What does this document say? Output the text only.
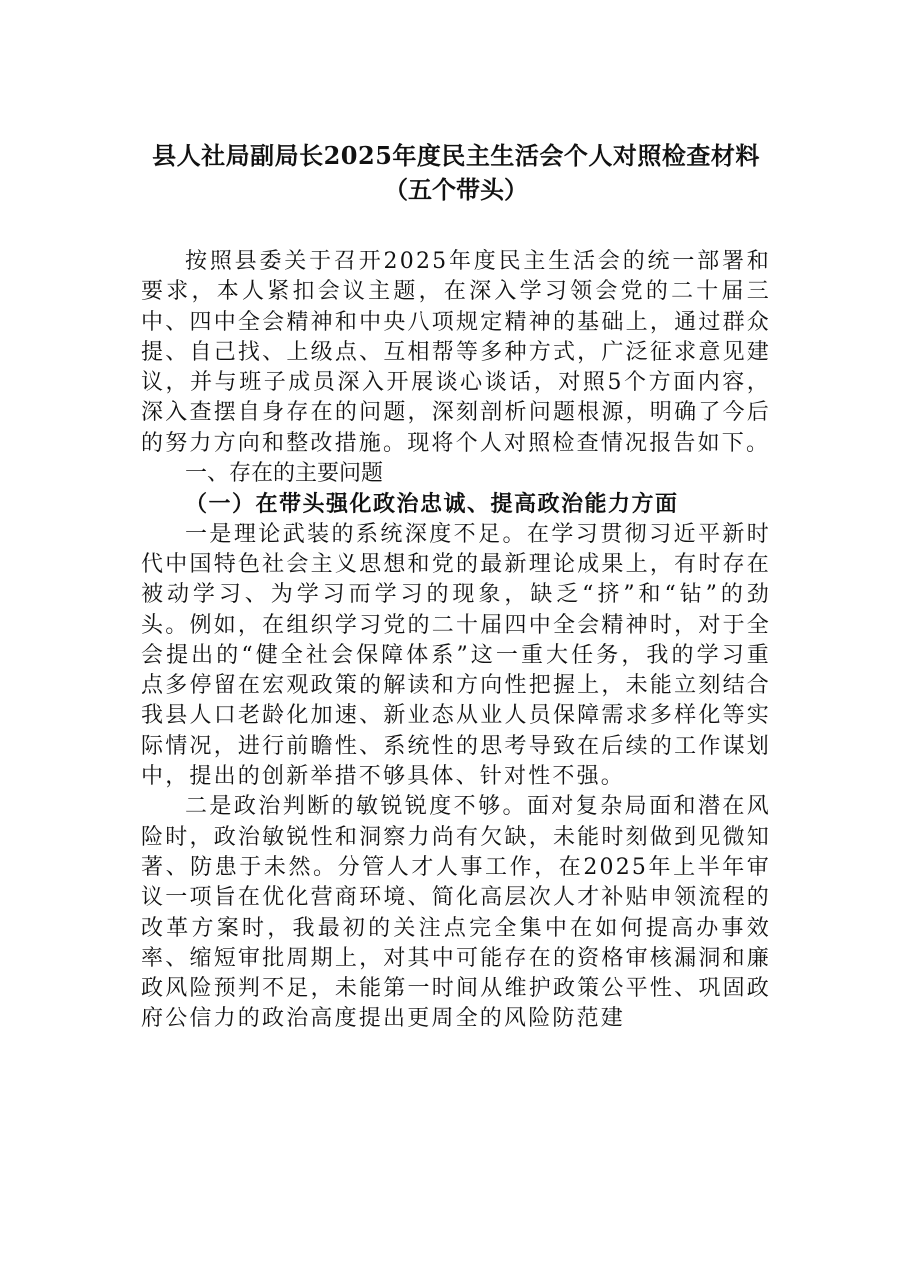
县人社局副局长2025年度民主生活会个人对照检查材料
（五个带头）

按照县委关于召开2025年度民主生活会的统一部署和要求，本人紧扣会议主题，在深入学习领会党的二十届三中、四中全会精神和中央八项规定精神的基础上，通过群众提、自己找、上级点、互相帮等多种方式，广泛征求意见建议，并与班子成员深入开展谈心谈话，对照5个方面内容，深入查摆自身存在的问题，深刻剖析问题根源，明确了今后的努力方向和整改措施。现将个人对照检查情况报告如下。

一、存在的主要问题
（一）在带头强化政治忠诚、提高政治能力方面

一是理论武装的系统深度不足。在学习贯彻习近平新时代中国特色社会主义思想和党的最新理论成果上，有时存在被动学习、为学习而学习的现象，缺乏“挤”和“钻”的劲头。例如，在组织学习党的二十届四中全会精神时，对于全会提出的“健全社会保障体系”这一重大任务，我的学习重点多停留在宏观政策的解读和方向性把握上，未能立刻结合我县人口老龄化加速、新业态从业人员保障需求多样化等实际情况，进行前瞻性、系统性的思考导致在后续的工作谋划中，提出的创新举措不够具体、针对性不强。

二是政治判断的敏锐锐度不够。面对复杂局面和潜在风险时，政治敏锐性和洞察力尚有欠缺，未能时刻做到见微知著、防患于未然。分管人才人事工作，在2025年上半年审议一项旨在优化营商环境、简化高层次人才补贴申领流程的改革方案时，我最初的关注点完全集中在如何提高办事效率、缩短审批周期上，对其中可能存在的资格审核漏洞和廉政风险预判不足，未能第一时间从维护政策公平性、巩固政府公信力的政治高度提出更周全的风险防范建
